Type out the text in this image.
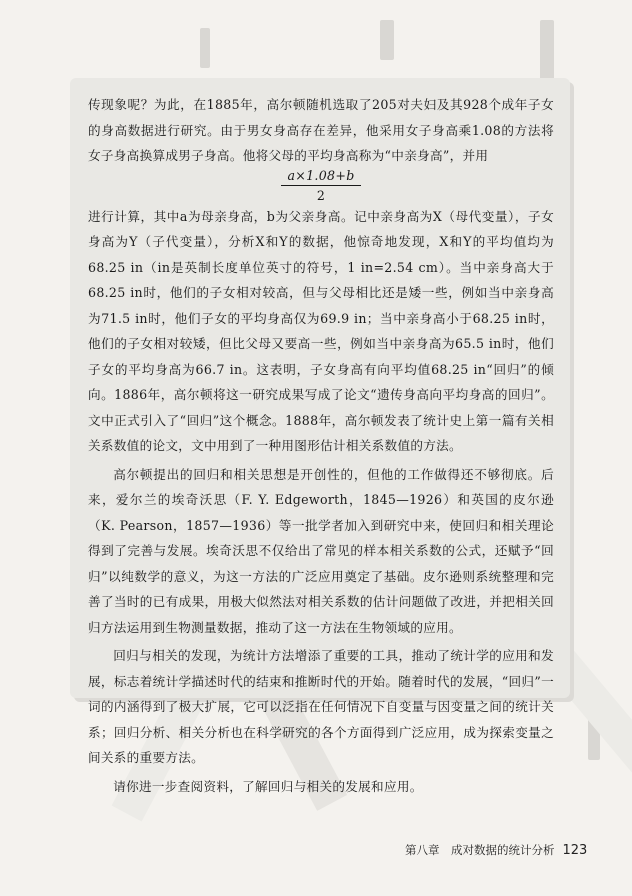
传现象呢？为此，在1885年，高尔顿随机选取了205对夫妇及其928个成年子女的身高数据进行研究。由于男女身高存在差异，他采用女子身高乘1.08的方法将女子身高换算成男子身高。他将父母的平均身高称为“中亲身高”，并用

$\frac{a\times 1.08+b}{2}$

进行计算，其中a为母亲身高，b为父亲身高。记中亲身高为X（母代变量），子女身高为Y（子代变量），分析X和Y的数据，他惊奇地发现，X和Y的平均值均为68.25 in（in是英制长度单位英寸的符号，1 in=2.54 cm）。当中亲身高大于68.25 in时，他们的子女相对较高，但与父母相比还是矮一些，例如当中亲身高为71.5 in时，他们子女的平均身高仅为69.9 in；当中亲身高小于68.25 in时，他们的子女相对较矮，但比父母又要高一些，例如当中亲身高为65.5 in时，他们子女的平均身高为66.7 in。这表明，子女身高有向平均值68.25 in“回归”的倾向。1886年，高尔顿将这一研究成果写成了论文“遗传身高向平均身高的回归”。文中正式引入了“回归”这个概念。1888年，高尔顿发表了统计史上第一篇有关相关系数值的论文，文中用到了一种用图形估计相关系数值的方法。

高尔顿提出的回归和相关思想是开创性的，但他的工作做得还不够彻底。后来，爱尔兰的埃奇沃思（F. Y. Edgeworth，1845—1926）和英国的皮尔逊（K. Pearson，1857—1936）等一批学者加入到研究中来，使回归和相关理论得到了完善与发展。埃奇沃思不仅给出了常见的样本相关系数的公式，还赋予“回归”以纯数学的意义，为这一方法的广泛应用奠定了基础。皮尔逊则系统整理和完善了当时的已有成果，用极大似然法对相关系数的估计问题做了改进，并把相关回归方法运用到生物测量数据，推动了这一方法在生物领域的应用。

回归与相关的发现，为统计方法增添了重要的工具，推动了统计学的应用和发展，标志着统计学描述时代的结束和推断时代的开始。随着时代的发展，“回归”一词的内涵得到了极大扩展，它可以泛指在任何情况下自变量与因变量之间的统计关系；回归分析、相关分析也在科学研究的各个方面得到广泛应用，成为探索变量之间关系的重要方法。

请你进一步查阅资料，了解回归与相关的发展和应用。

第八章　成对数据的统计分析 123
